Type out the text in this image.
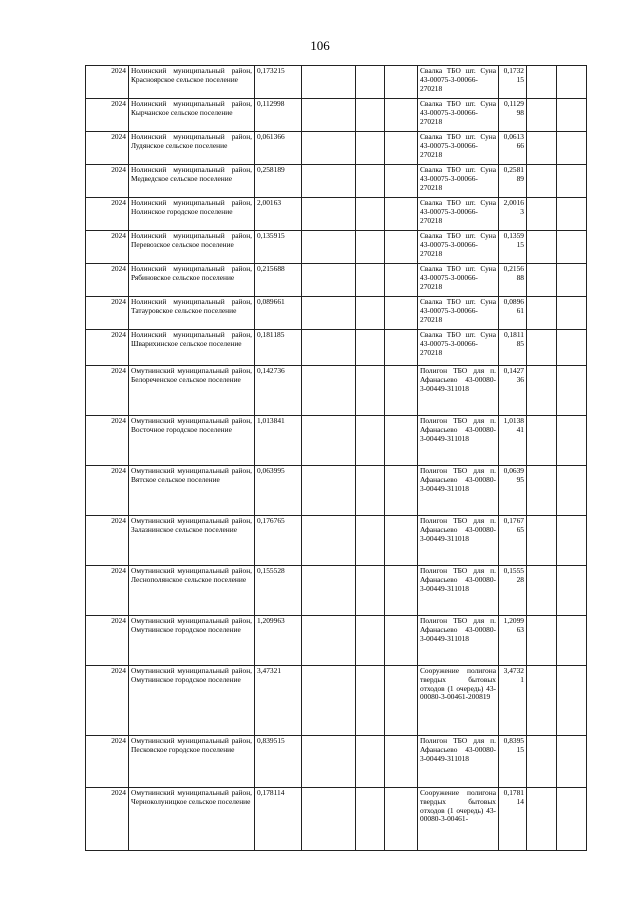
106
2024	Нолинский муниципальный район, Красноярское сельское поселение	0,173215				Свалка ТБО шт. Суна 43-00075-3-00066-270218	0,1732 15		
2024	Нолинский муниципальный район, Кырчанское сельское поселение	0,112998				Свалка ТБО шт. Суна 43-00075-3-00066-270218	0,1129 98		
2024	Нолинский муниципальный район, Лудянское сельское поселение	0,061366				Свалка ТБО шт. Суна 43-00075-3-00066-270218	0,0613 66		
2024	Нолинский муниципальный район, Медведское сельское поселение	0,258189				Свалка ТБО шт. Суна 43-00075-3-00066-270218	0,2581 89		
2024	Нолинский муниципальный район, Нолинское городское поселение	2,00163				Свалка ТБО шт. Суна 43-00075-3-00066-270218	2,0016 3		
2024	Нолинский муниципальный район, Перевозское сельское поселение	0,135915				Свалка ТБО шт. Суна 43-00075-3-00066-270218	0,1359 15		
2024	Нолинский муниципальный район, Рябиновское сельское поселение	0,215688				Свалка ТБО шт. Суна 43-00075-3-00066-270218	0,2156 88		
2024	Нолинский муниципальный район, Татауровское сельское поселение	0,089661				Свалка ТБО шт. Суна 43-00075-3-00066-270218	0,0896 61		
2024	Нолинский муниципальный район, Шварихинское сельское поселение	0,181185				Свалка ТБО шт. Суна 43-00075-3-00066-270218	0,1811 85		
2024	Омутнинский муниципальный район, Белореченское сельское поселение	0,142736				Полигон ТБО для п. Афанасьево 43-00080-3-00449-311018	0,1427 36		
2024	Омутнинский муниципальный район, Восточное городское поселение	1,013841				Полигон ТБО для п. Афанасьево 43-00080-3-00449-311018	1,0138 41		
2024	Омутнинский муниципальный район, Вятское сельское поселение	0,063995				Полигон ТБО для п. Афанасьево 43-00080-3-00449-311018	0,0639 95		
2024	Омутнинский муниципальный район, Залазнинское сельское поселение	0,176765				Полигон ТБО для п. Афанасьево 43-00080-3-00449-311018	0,1767 65		
2024	Омутнинский муниципальный район, Леснополянское сельское поселение	0,155528				Полигон ТБО для п. Афанасьево 43-00080-3-00449-311018	0,1555 28		
2024	Омутнинский муниципальный район, Омутнинское городское поселение	1,209963				Полигон ТБО для п. Афанасьево 43-00080-3-00449-311018	1,2099 63		
2024	Омутнинский муниципальный район, Омутнинское городское поселение	3,47321				Сооружение полигона твердых бытовых отходов (1 очередь) 43-00080-3-00461-200819	3,4732 1		
2024	Омутнинский муниципальный район, Песковское городское поселение	0,839515				Полигон ТБО для п. Афанасьево 43-00080-3-00449-311018	0,8395 15		
2024	Омутнинский муниципальный район, Черноколуницкое сельское поселение	0,178114				Сооружение полигона твердых бытовых отходов (1 очередь) 43-00080-3-00461-	0,1781 14		
